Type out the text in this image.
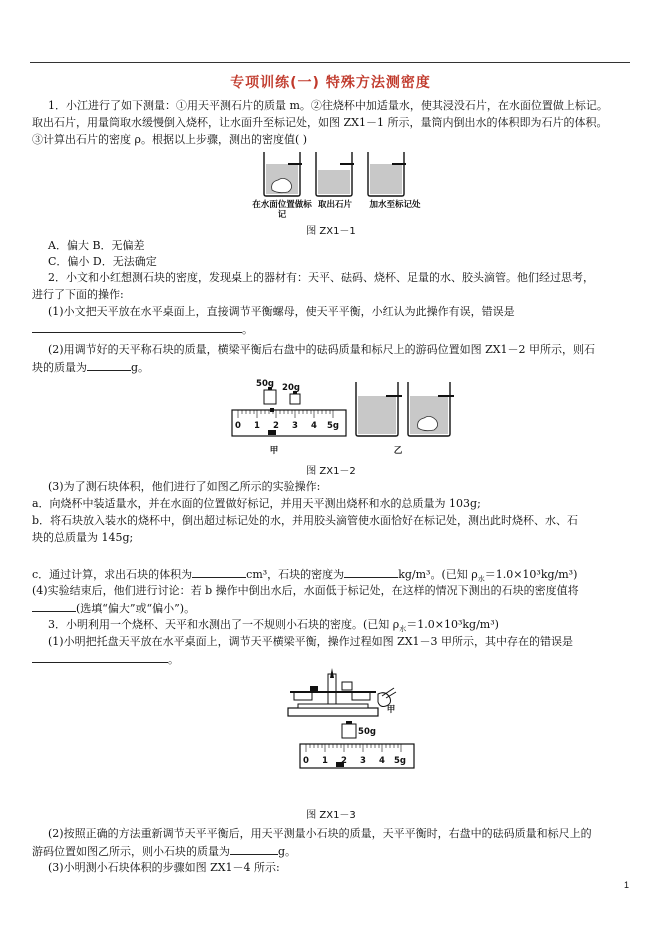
专项训练(一) 特殊方法测密度
1．小江进行了如下测量：①用天平测石片的质量 m。②往烧杯中加适量水，使其浸没石片，在水面位置做上标记。
取出石片，用量筒取水缓慢倒入烧杯，让水面升至标记处，如图 ZX1－1 所示，量筒内倒出水的体积即为石片的体积。
③计算出石片的密度 ρ。根据以上步骤，测出的密度值( )
在水面位置做标记
取出石片	加水至标记处
图 ZX1－1
A．偏大 B．无偏差
C．偏小 D．无法确定
2．小文和小红想测石块的密度，发现桌上的器材有：天平、砝码、烧杯、足量的水、胶头滴管。他们经过思考，
进行了下面的操作:
(1)小文把天平放在水平桌面上，直接调节平衡螺母，使天平平衡，小红认为此操作有误，错误是
。
(2)用调节好的天平称石块的质量，横梁平衡后右盘中的砝码质量和标尺上的游码位置如图 ZX1－2 甲所示，则石
块的质量为	g。
50g 20g
0 1 2 3 4 5g
甲	乙
图 ZX1－2
(3)为了测石块体积，他们进行了如图乙所示的实验操作:
a．向烧杯中装适量水，并在水面的位置做好标记，并用天平测出烧杯和水的总质量为 103g;
b．将石块放入装水的烧杯中，倒出超过标记处的水，并用胶头滴管使水面恰好在标记处，测出此时烧杯、水、石
块的总质量为 145g;
c．通过计算，求出石块的体积为	cm³，石块的密度为	kg/m³。(已知 $\rho_水=1.0\times 10^3kg/m^3$)
(4)实验结束后，他们进行讨论：若 b 操作中倒出水后，水面低于标记处，在这样的情况下测出的石块的密度值将
(选填“偏大”或“偏小”)。
3．小明利用一个烧杯、天平和水测出了一不规则小石块的密度。(已知 $\rho_水=1.0\times 10^3kg/m^3$)
(1)小明把托盘天平放在水平桌面上，调节天平横梁平衡，操作过程如图 ZX1－3 甲所示，其中存在的错误是
。
甲
50g
0 1 2 3 4 5g
图 ZX1－3
(2)按照正确的方法重新调节天平平衡后，用天平测量小石块的质量，天平平衡时，右盘中的砝码质量和标尺上的
游码位置如图乙所示，则小石块的质量为	g。
(3)小明测小石块体积的步骤如图 ZX1－4 所示:
1
